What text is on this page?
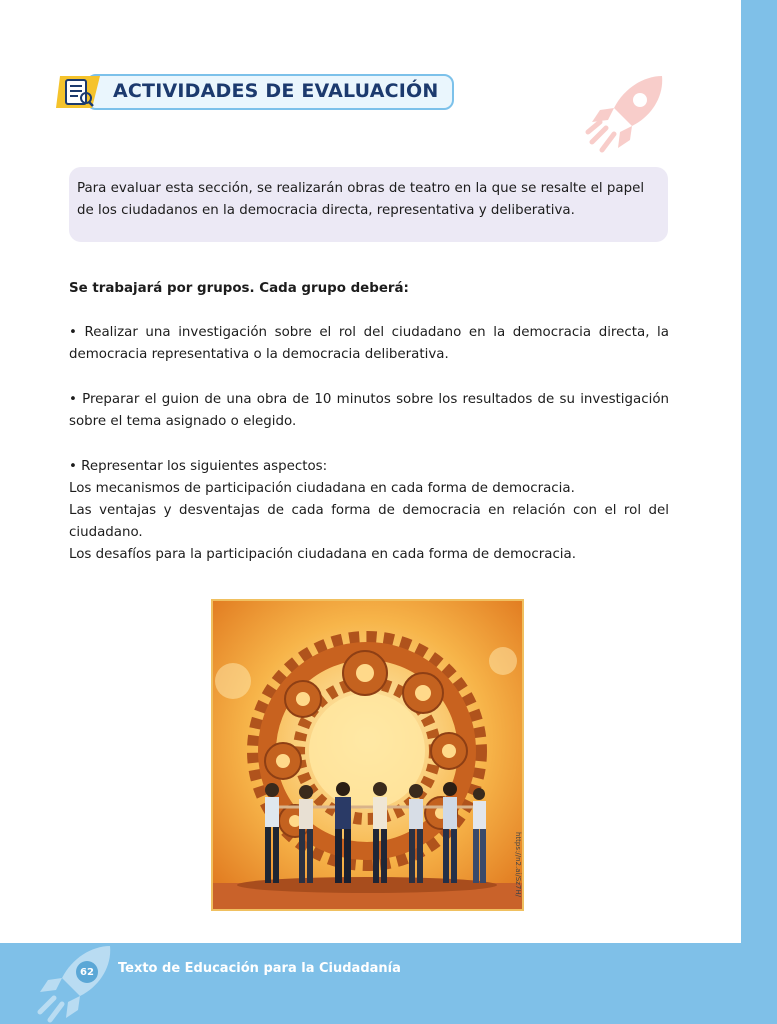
ACTIVIDADES DE EVALUACIÓN
Para evaluar esta sección, se realizarán obras de teatro en la que se resalte el papel de los ciudadanos en la democracia directa, representativa y deliberativa.
Se trabajará por grupos. Cada grupo deberá:
• Realizar una investigación sobre el rol del ciudadano en la democracia directa, la democracia representativa o la democracia deliberativa.
• Preparar el guion de una obra de 10 minutos sobre los resultados de su investigación sobre el tema asignado o elegido.
• Representar los siguientes aspectos:
Los mecanismos de participación ciudadana en cada forma de democracia.
Las ventajas y desventajas de cada forma de democracia en relación con el rol del ciudadano.
Los desafíos para la participación ciudadana en cada forma de democracia.
https://n2.ai/Sz7H/
62	Texto de Educación para la Ciudadanía
